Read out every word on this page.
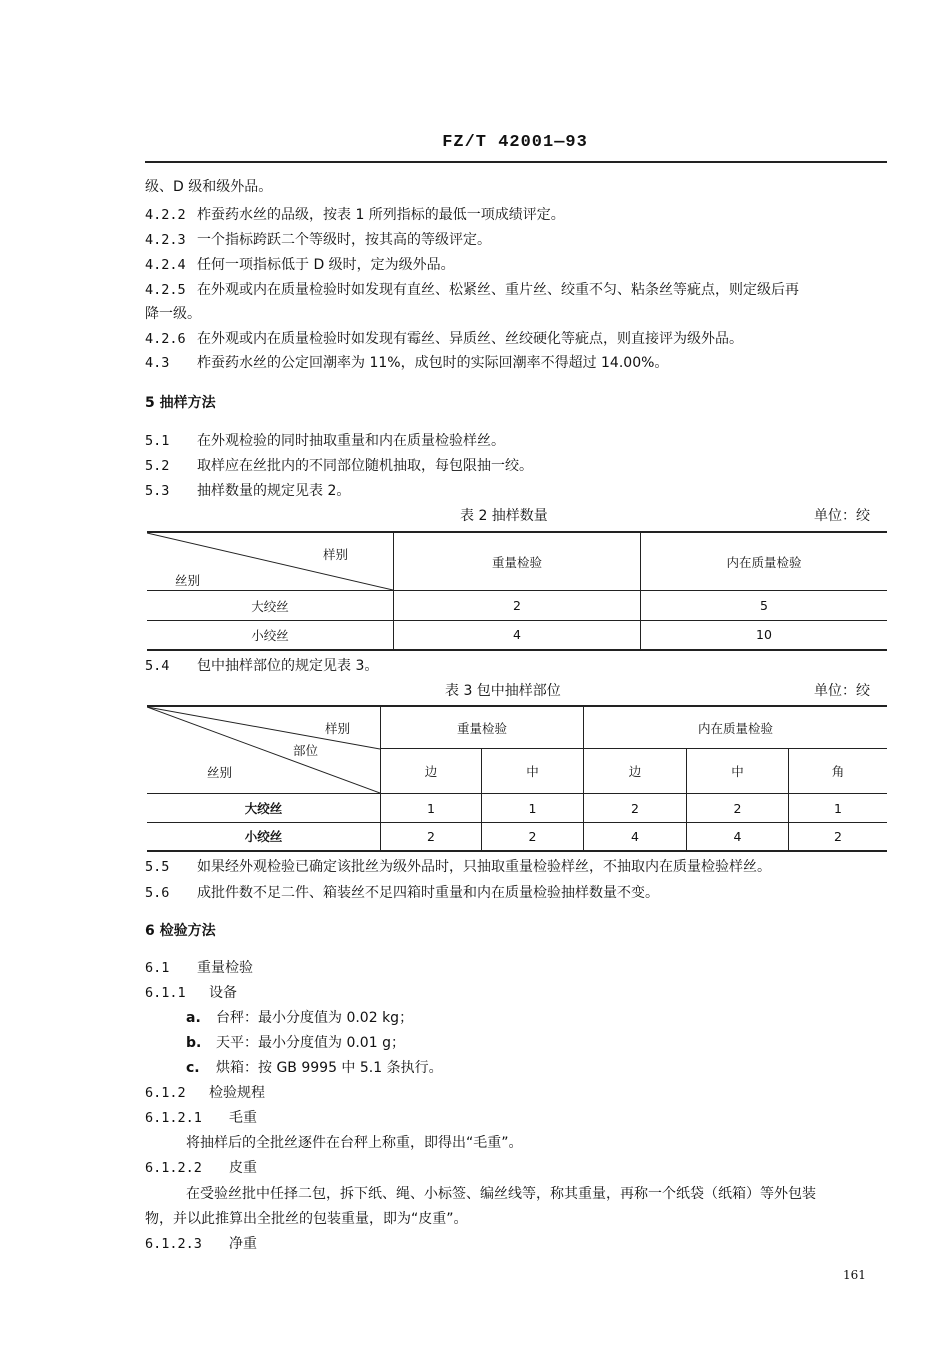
FZ/T 42001—93
级、D 级和级外品。
4.2.2 柞蚕药水丝的品级，按表 1 所列指标的最低一项成绩评定。
4.2.3 一个指标跨跃二个等级时，按其高的等级评定。
4.2.4 任何一项指标低于 D 级时，定为级外品。
4.2.5 在外观或内在质量检验时如发现有直丝、松紧丝、重片丝、绞重不匀、粘条丝等疵点，则定级后再
降一级。
4.2.6 在外观或内在质量检验时如发现有霉丝、异质丝、丝绞硬化等疵点，则直接评为级外品。
4.3 柞蚕药水丝的公定回潮率为 11%，成包时的实际回潮率不得超过 14.00%。
5 抽样方法
5.1 在外观检验的同时抽取重量和内在质量检验样丝。
5.2 取样应在丝批内的不同部位随机抽取，每包限抽一绞。
5.3 抽样数量的规定见表 2。
表 2 抽样数量	单位：绞
样别
丝别	重量检验	内在质量检验
大绞丝	2	5
小绞丝	4	10
5.4 包中抽样部位的规定见表 3。
表 3 包中抽样部位	单位：绞
样别
部位
丝别	重量检验		内在质量检验		
	边	中	边	中	角
大绞丝	1	1	2	2	1
小绞丝	2	2	4	4	2
5.5 如果经外观检验已确定该批丝为级外品时，只抽取重量检验样丝，不抽取内在质量检验样丝。
5.6 成批件数不足二件、箱装丝不足四箱时重量和内在质量检验抽样数量不变。
6 检验方法
6.1 重量检验
6.1.1 设备
a. 台秤：最小分度值为 0.02 kg；
b. 天平：最小分度值为 0.01 g；
c. 烘箱：按 GB 9995 中 5.1 条执行。
6.1.2 检验规程
6.1.2.1 毛重
将抽样后的全批丝逐件在台秤上称重，即得出“毛重”。
6.1.2.2 皮重
在受验丝批中任择二包，拆下纸、绳、小标签、编丝线等，称其重量，再称一个纸袋（纸箱）等外包装
物，并以此推算出全批丝的包装重量，即为“皮重”。
6.1.2.3 净重
161
